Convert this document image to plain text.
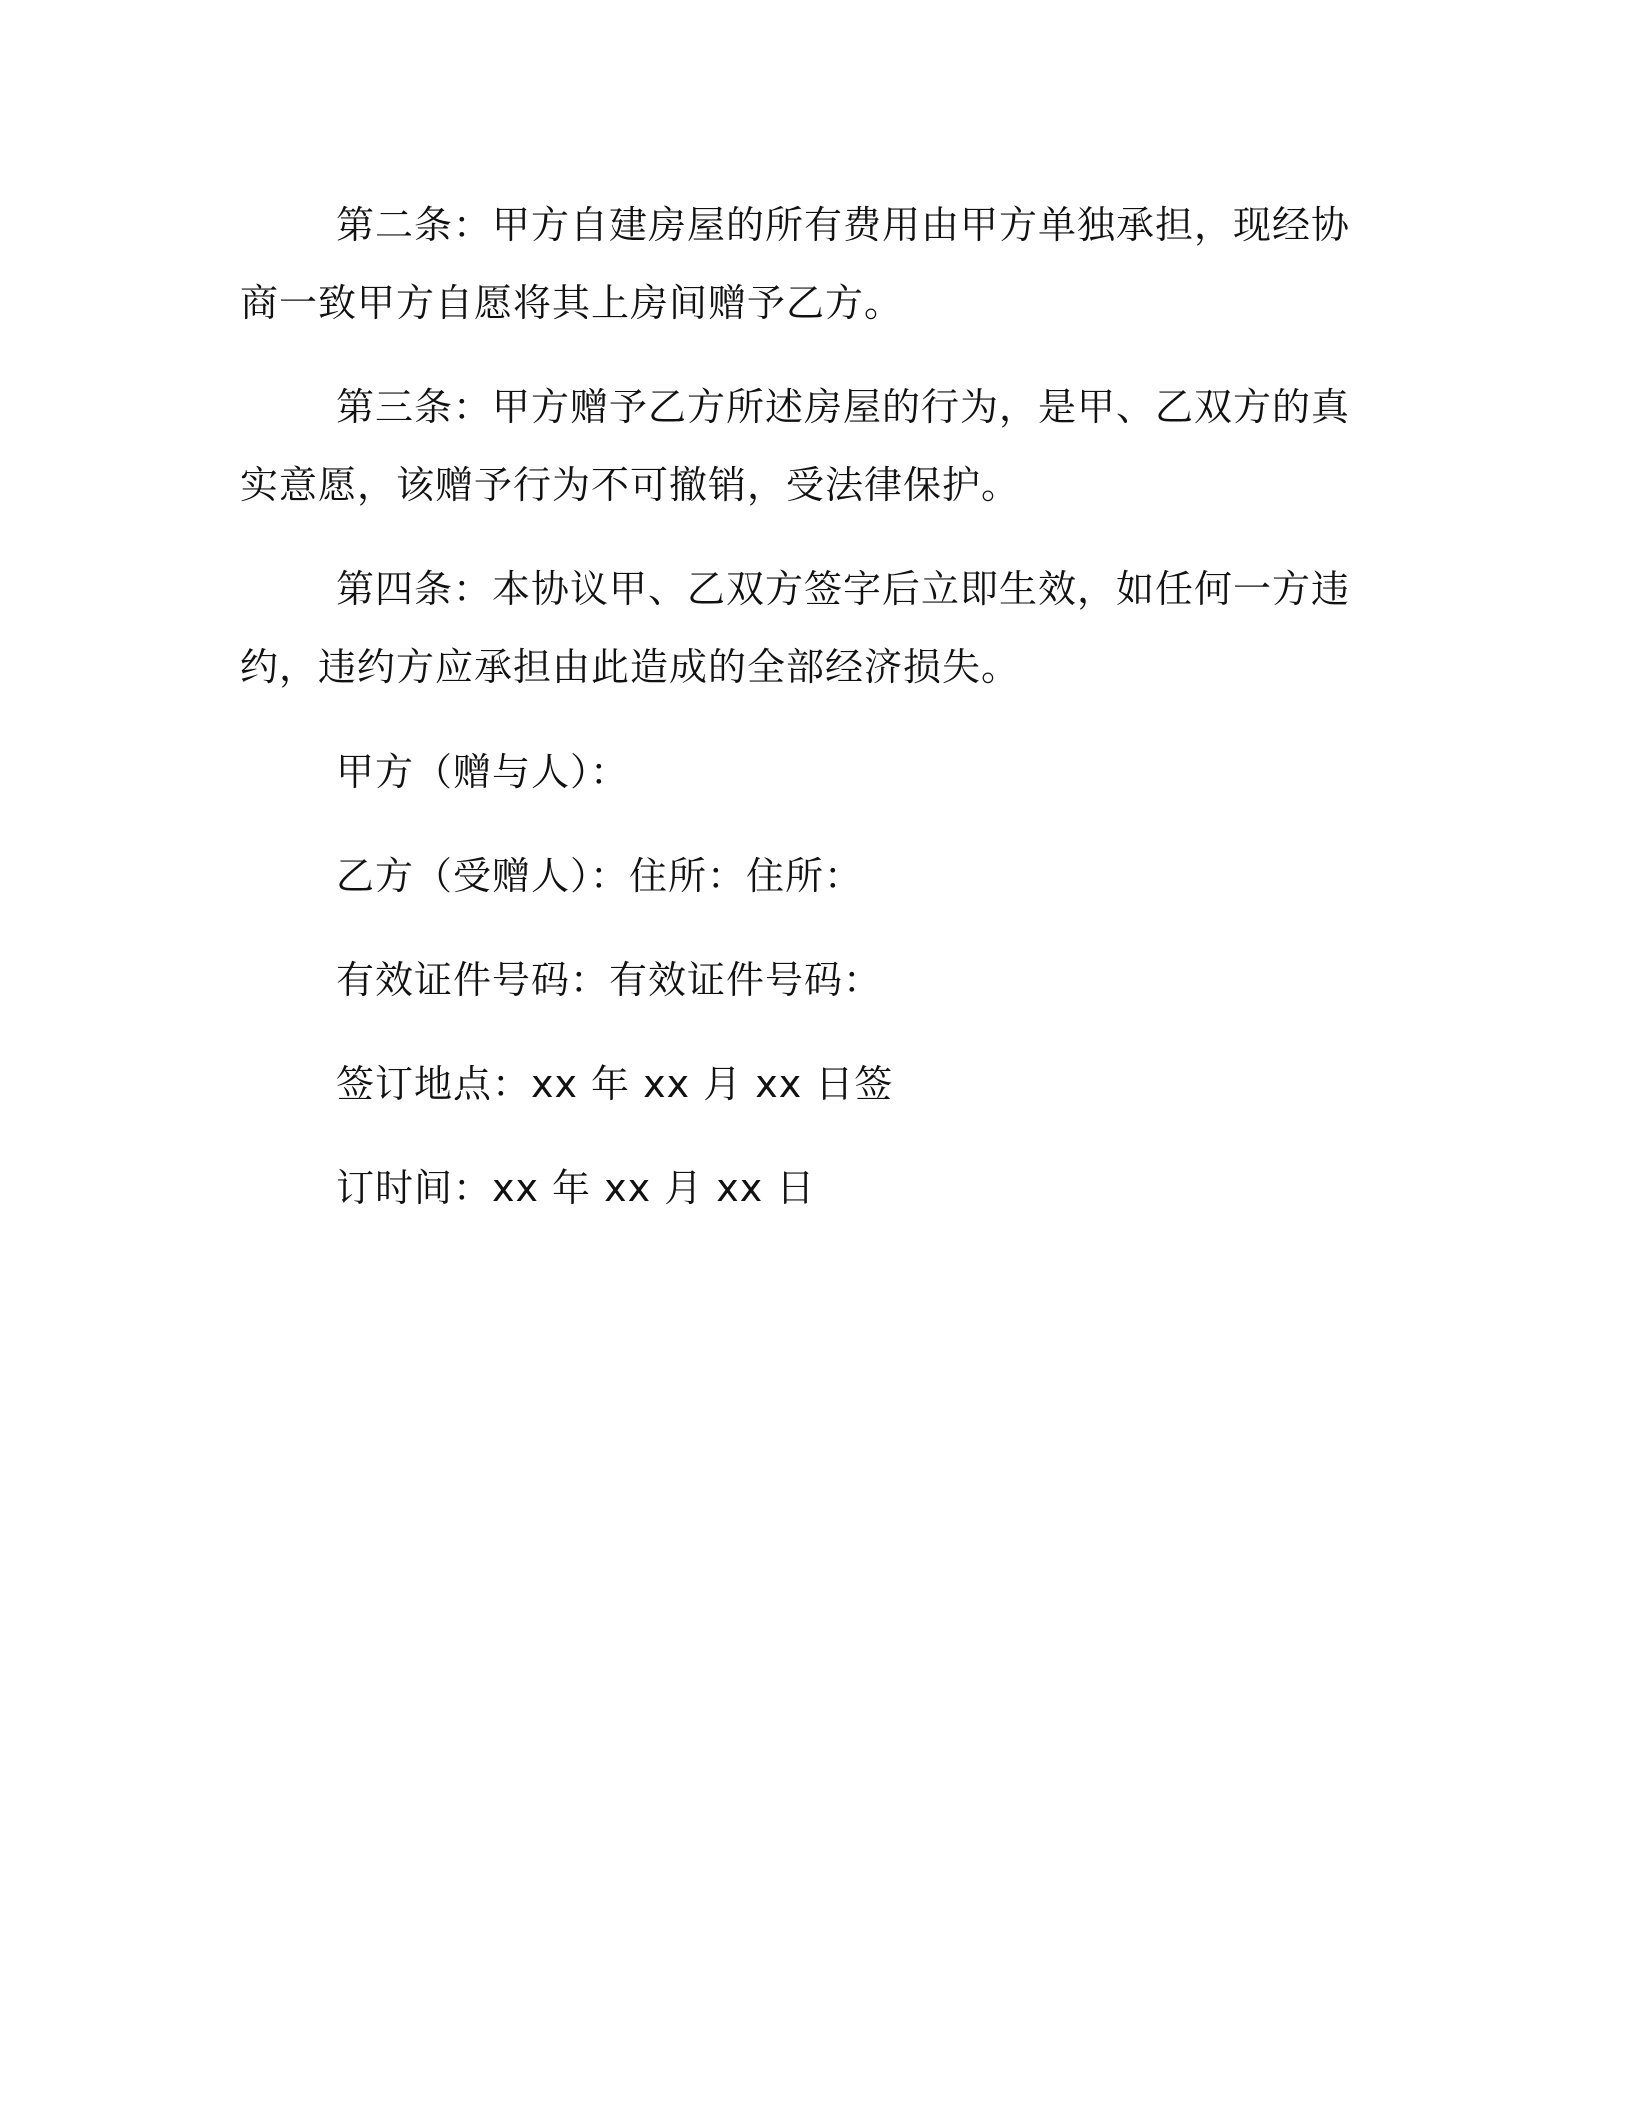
第二条：甲方自建房屋的所有费用由甲方单独承担，现经协商一致甲方自愿将其上房间赠予乙方。

第三条：甲方赠予乙方所述房屋的行为，是甲、乙双方的真实意愿，该赠予行为不可撤销，受法律保护。

第四条：本协议甲、乙双方签字后立即生效，如任何一方违约，违约方应承担由此造成的全部经济损失。

甲方（赠与人）：
乙方（受赠人）：住所：住所：
有效证件号码：有效证件号码：
签订地点：xx 年 xx 月 xx 日签
订时间：xx 年 xx 月 xx 日
